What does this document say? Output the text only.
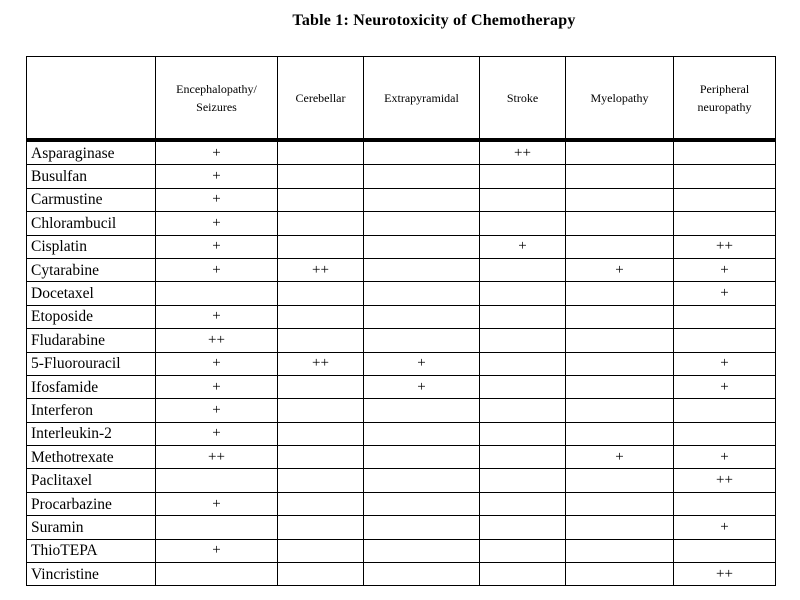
Table 1: Neurotoxicity of Chemotherapy
	Encephalopathy/ Seizures	Cerebellar	Extrapyramidal	Stroke	Myelopathy	Peripheral neuropathy
Asparaginase	+			++		
Busulfan	+					
Carmustine	+					
Chlorambucil	+					
Cisplatin	+			+		++
Cytarabine	+	++			+	+
Docetaxel						+
Etoposide	+					
Fludarabine	++					
5-Fluorouracil	+	++	+			+
Ifosfamide	+		+			+
Interferon	+					
Interleukin-2	+					
Methotrexate	++				+	+
Paclitaxel						++
Procarbazine	+					
Suramin						+
ThioTEPA	+					
Vincristine						++
